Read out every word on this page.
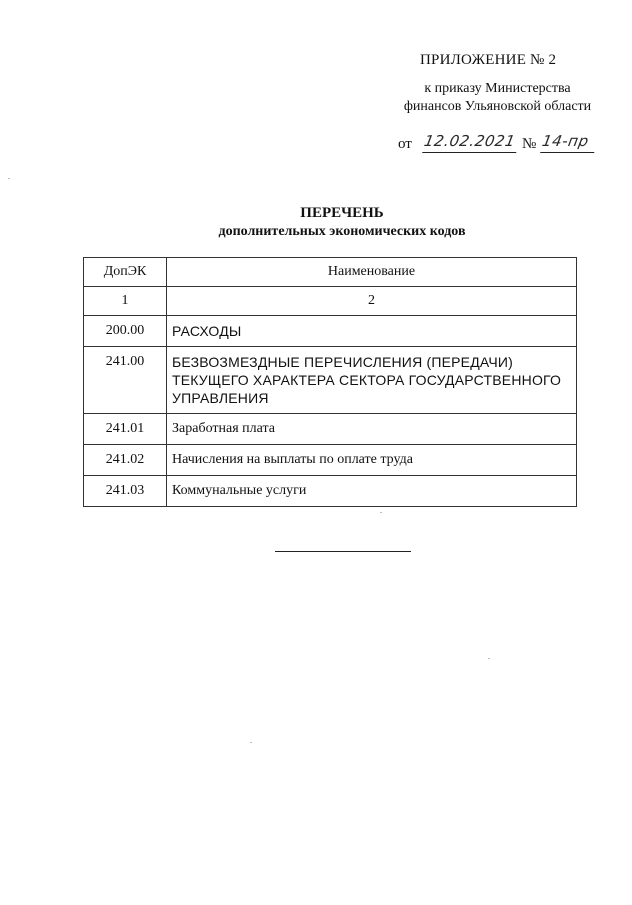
ПРИЛОЖЕНИЕ № 2
к приказу Министерства финансов Ульяновской области
от 12.02.2021 № 14-пр
ПЕРЕЧЕНЬ
дополнительных экономических кодов
ДопЭК	Наименование
1	2
200.00	РАСХОДЫ
241.00	БЕЗВОЗМЕЗДНЫЕ ПЕРЕЧИСЛЕНИЯ (ПЕРЕДАЧИ) ТЕКУЩЕГО ХАРАКТЕРА СЕКТОРА ГОСУДАРСТВЕННОГО УПРАВЛЕНИЯ
241.01	Заработная плата
241.02	Начисления на выплаты по оплате труда
241.03	Коммунальные услуги
